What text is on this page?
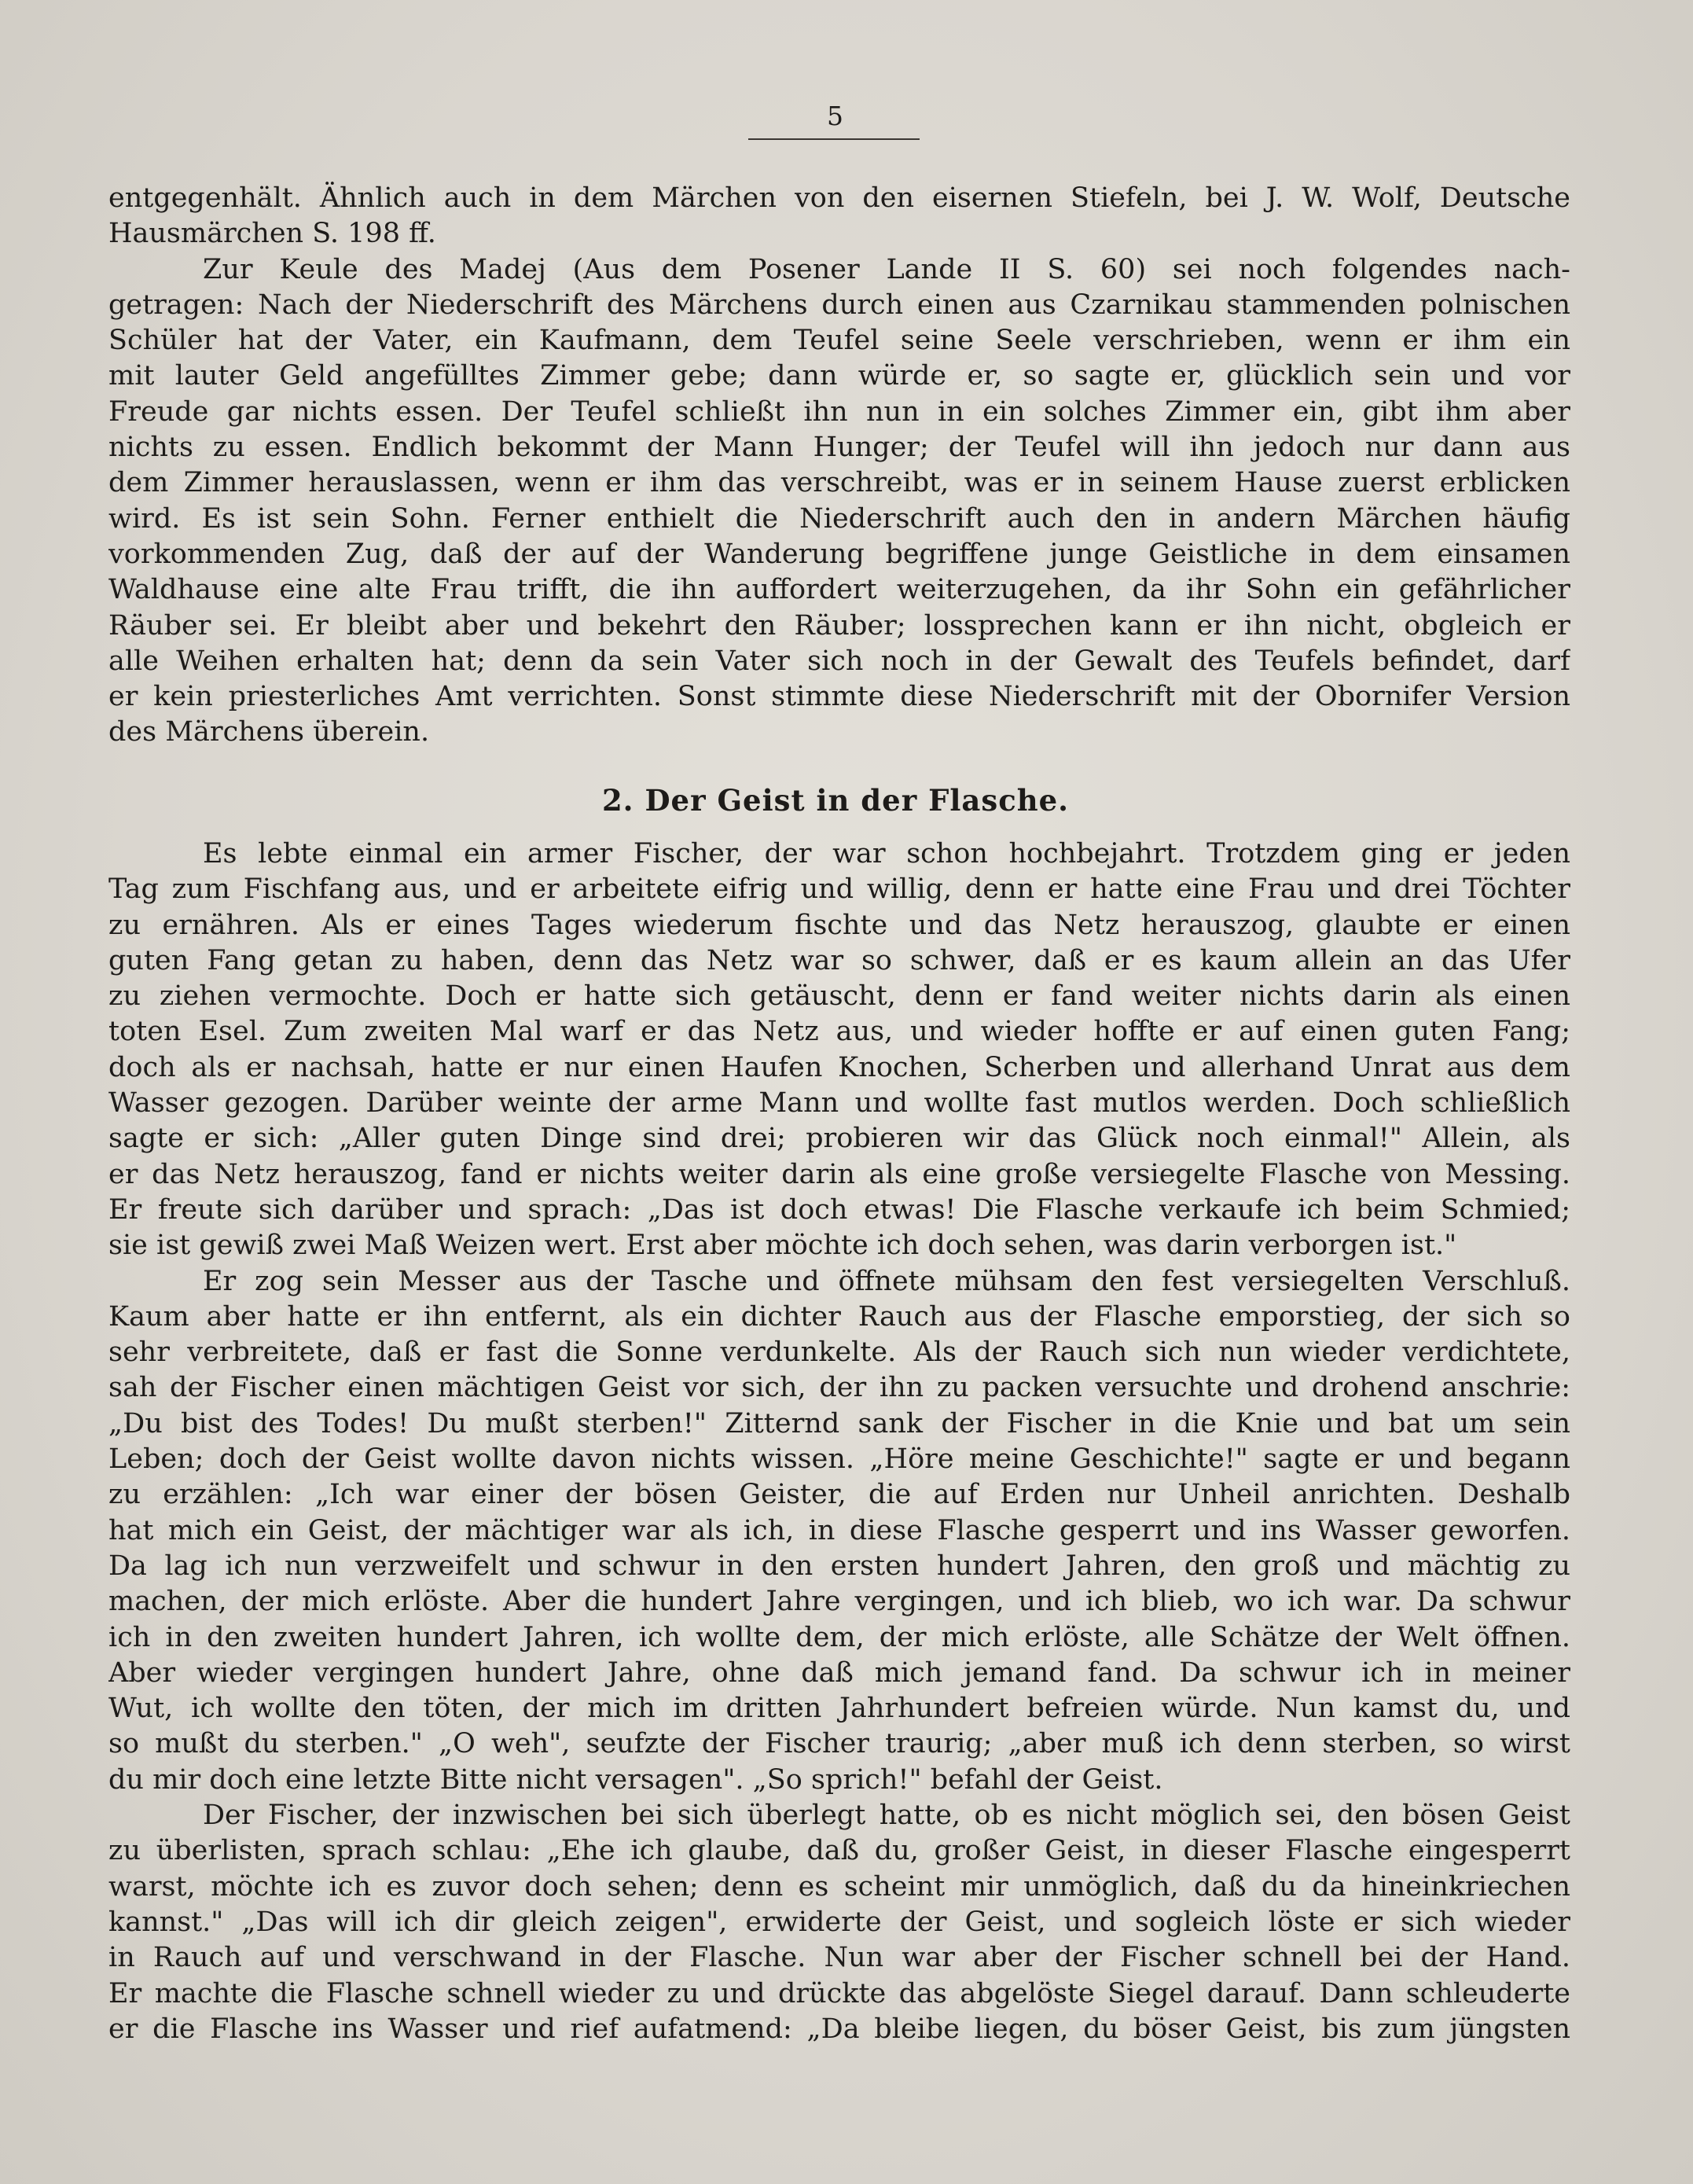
5
entgegenhält. Ähnlich auch in dem Märchen von den eisernen Stiefeln, bei J. W. Wolf, Deutsche
Hausmärchen S. 198 ff.
Zur Keule des Madej (Aus dem Posener Lande II S. 60) sei noch folgendes nach-
getragen: Nach der Niederschrift des Märchens durch einen aus Czarnikau stammenden polnischen
Schüler hat der Vater, ein Kaufmann, dem Teufel seine Seele verschrieben, wenn er ihm ein
mit lauter Geld angefülltes Zimmer gebe; dann würde er, so sagte er, glücklich sein und vor
Freude gar nichts essen. Der Teufel schließt ihn nun in ein solches Zimmer ein, gibt ihm aber
nichts zu essen. Endlich bekommt der Mann Hunger; der Teufel will ihn jedoch nur dann aus
dem Zimmer herauslassen, wenn er ihm das verschreibt, was er in seinem Hause zuerst erblicken
wird. Es ist sein Sohn. Ferner enthielt die Niederschrift auch den in andern Märchen häufig
vorkommenden Zug, daß der auf der Wanderung begriffene junge Geistliche in dem einsamen
Waldhause eine alte Frau trifft, die ihn auffordert weiterzugehen, da ihr Sohn ein gefährlicher
Räuber sei. Er bleibt aber und bekehrt den Räuber; lossprechen kann er ihn nicht, obgleich er
alle Weihen erhalten hat; denn da sein Vater sich noch in der Gewalt des Teufels befindet, darf
er kein priesterliches Amt verrichten. Sonst stimmte diese Niederschrift mit der Obornifer Version
des Märchens überein.
2. Der Geist in der Flasche.
Es lebte einmal ein armer Fischer, der war schon hochbejahrt. Trotzdem ging er jeden
Tag zum Fischfang aus, und er arbeitete eifrig und willig, denn er hatte eine Frau und drei Töchter
zu ernähren. Als er eines Tages wiederum fischte und das Netz herauszog, glaubte er einen
guten Fang getan zu haben, denn das Netz war so schwer, daß er es kaum allein an das Ufer
zu ziehen vermochte. Doch er hatte sich getäuscht, denn er fand weiter nichts darin als einen
toten Esel. Zum zweiten Mal warf er das Netz aus, und wieder hoffte er auf einen guten Fang;
doch als er nachsah, hatte er nur einen Haufen Knochen, Scherben und allerhand Unrat aus dem
Wasser gezogen. Darüber weinte der arme Mann und wollte fast mutlos werden. Doch schließlich
sagte er sich: „Aller guten Dinge sind drei; probieren wir das Glück noch einmal!" Allein, als
er das Netz herauszog, fand er nichts weiter darin als eine große versiegelte Flasche von Messing.
Er freute sich darüber und sprach: „Das ist doch etwas! Die Flasche verkaufe ich beim Schmied;
sie ist gewiß zwei Maß Weizen wert. Erst aber möchte ich doch sehen, was darin verborgen ist."
Er zog sein Messer aus der Tasche und öffnete mühsam den fest versiegelten Verschluß.
Kaum aber hatte er ihn entfernt, als ein dichter Rauch aus der Flasche emporstieg, der sich so
sehr verbreitete, daß er fast die Sonne verdunkelte. Als der Rauch sich nun wieder verdichtete,
sah der Fischer einen mächtigen Geist vor sich, der ihn zu packen versuchte und drohend anschrie:
„Du bist des Todes! Du mußt sterben!" Zitternd sank der Fischer in die Knie und bat um sein
Leben; doch der Geist wollte davon nichts wissen. „Höre meine Geschichte!" sagte er und begann
zu erzählen: „Ich war einer der bösen Geister, die auf Erden nur Unheil anrichten. Deshalb
hat mich ein Geist, der mächtiger war als ich, in diese Flasche gesperrt und ins Wasser geworfen.
Da lag ich nun verzweifelt und schwur in den ersten hundert Jahren, den groß und mächtig zu
machen, der mich erlöste. Aber die hundert Jahre vergingen, und ich blieb, wo ich war. Da schwur
ich in den zweiten hundert Jahren, ich wollte dem, der mich erlöste, alle Schätze der Welt öffnen.
Aber wieder vergingen hundert Jahre, ohne daß mich jemand fand. Da schwur ich in meiner
Wut, ich wollte den töten, der mich im dritten Jahrhundert befreien würde. Nun kamst du, und
so mußt du sterben." „O weh", seufzte der Fischer traurig; „aber muß ich denn sterben, so wirst
du mir doch eine letzte Bitte nicht versagen". „So sprich!" befahl der Geist.
Der Fischer, der inzwischen bei sich überlegt hatte, ob es nicht möglich sei, den bösen Geist
zu überlisten, sprach schlau: „Ehe ich glaube, daß du, großer Geist, in dieser Flasche eingesperrt
warst, möchte ich es zuvor doch sehen; denn es scheint mir unmöglich, daß du da hineinkriechen
kannst." „Das will ich dir gleich zeigen", erwiderte der Geist, und sogleich löste er sich wieder
in Rauch auf und verschwand in der Flasche. Nun war aber der Fischer schnell bei der Hand.
Er machte die Flasche schnell wieder zu und drückte das abgelöste Siegel darauf. Dann schleuderte
er die Flasche ins Wasser und rief aufatmend: „Da bleibe liegen, du böser Geist, bis zum jüngsten
